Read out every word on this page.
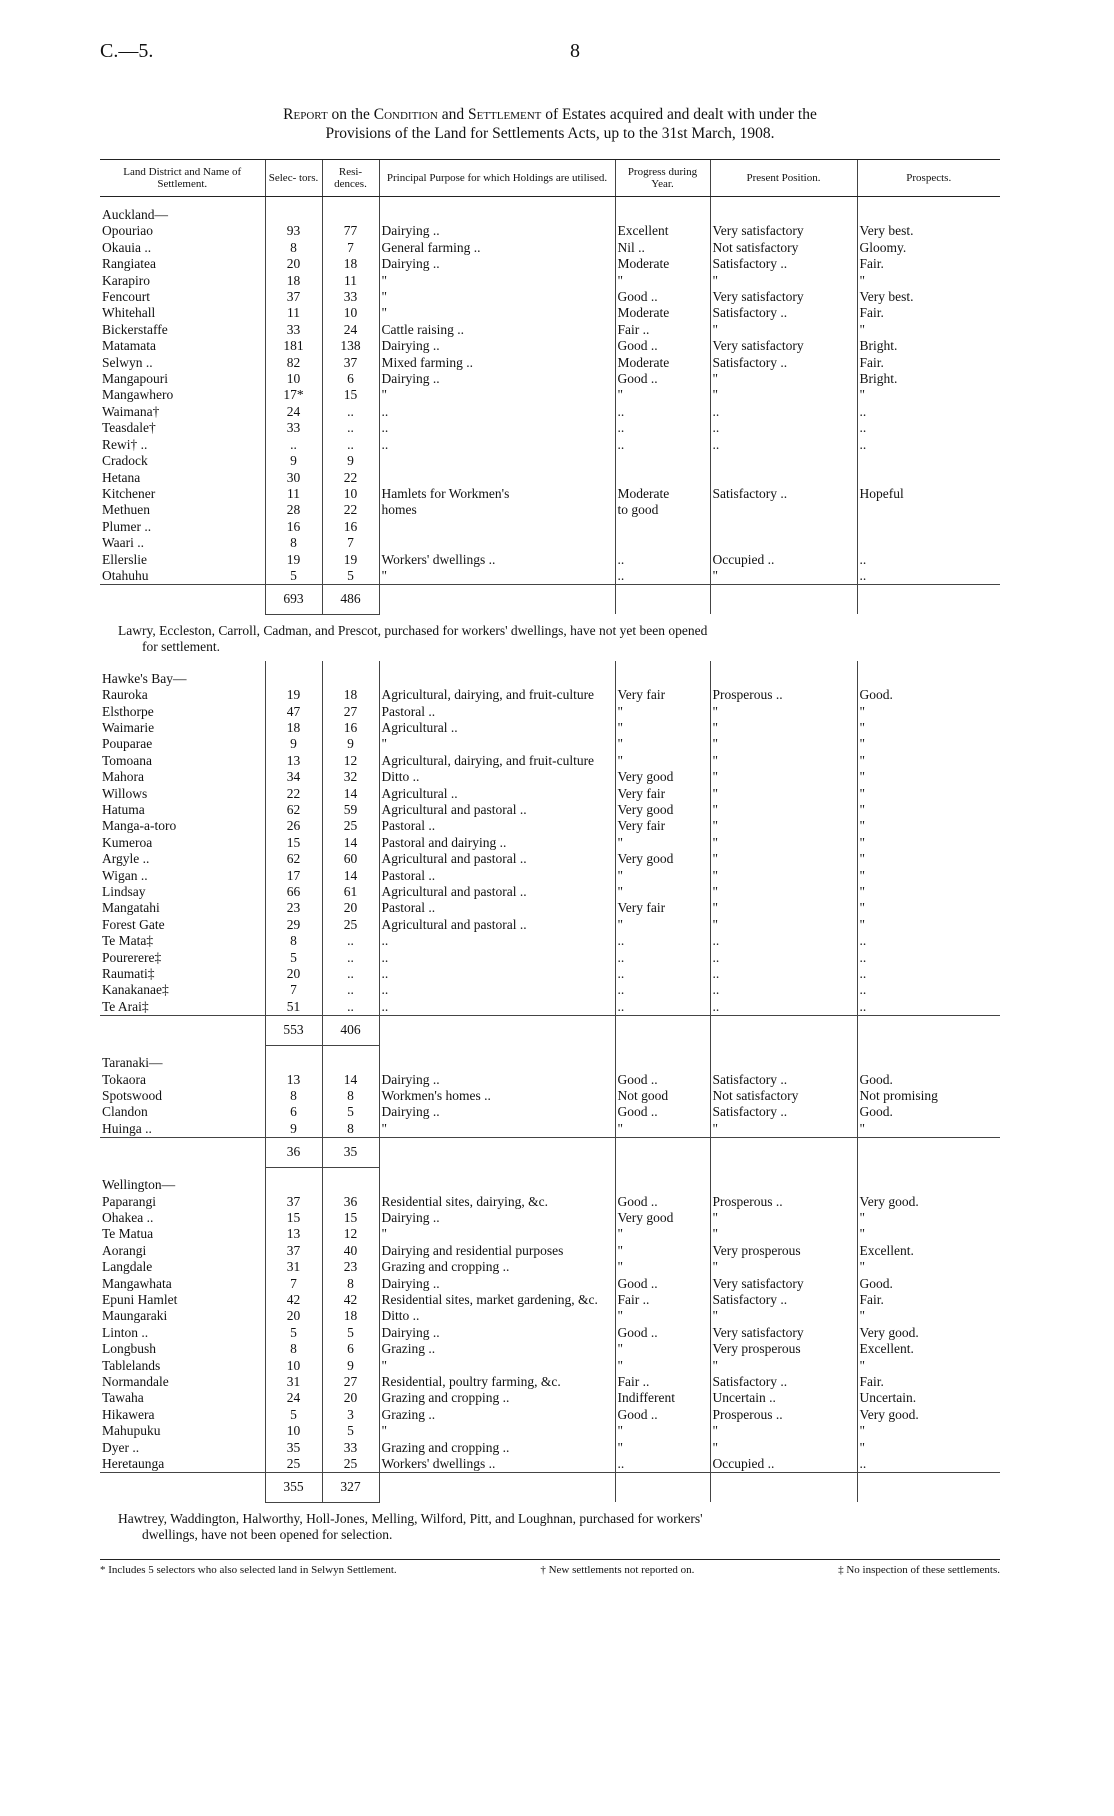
C.—5.	8
Report on the Condition and Settlement of Estates acquired and dealt with under the
Provisions of the Land for Settlements Acts, up to the 31st March, 1908.
Land District and Name of Settlement.	Selec- tors.	Resi- dences.	Principal Purpose for which Holdings are utilised.	Progress during Year.	Present Position.	Prospects.
Auckland—						
Opouriao	93	77	Dairying ..	Excellent	Very satisfactory	Very best.
Okauia ..	8	7	General farming ..	Nil ..	Not satisfactory	Gloomy.
Rangiatea	20	18	Dairying ..	Moderate	Satisfactory ..	Fair.
Karapiro	18	11	"	"	"	"
Fencourt	37	33	"	Good ..	Very satisfactory	Very best.
Whitehall	11	10	"	Moderate	Satisfactory ..	Fair.
Bickerstaffe	33	24	Cattle raising ..	Fair ..	"	"
Matamata	181	138	Dairying ..	Good ..	Very satisfactory	Bright.
Selwyn ..	82	37	Mixed farming ..	Moderate	Satisfactory ..	Fair.
Mangapouri	10	6	Dairying ..	Good ..	"	Bright.
Mangawhero	17*	15	"	"	"	"
Waimana†	24	..	..	..	..	..
Teasdale†	33	..	..	..	..	..
Rewi† ..	..	..	..	..	..	..
Cradock	9	9				
Hetana	30	22				
Kitchener	11	10	Hamlets for Workmen's	Moderate	Satisfactory ..	Hopeful
Methuen	28	22	homes	to good		
Plumer ..	16	16				
Waari ..	8	7				
Ellerslie	19	19	Workers' dwellings ..	..	Occupied ..	..
Otahuhu	5	5	"	..	"	..
	693	486				

Lawry, Eccleston, Carroll, Cadman, and Prescot, purchased for workers' dwellings, have not yet been opened
for settlement.						

Hawke's Bay—						
Rauroka	19	18	Agricultural, dairying, and fruit-culture	Very fair	Prosperous ..	Good.
Elsthorpe	47	27	Pastoral ..	"	"	"
Waimarie	18	16	Agricultural ..	"	"	"
Pouparae	9	9	"	"	"	"
Tomoana	13	12	Agricultural, dairying, and fruit-culture	"	"	"
Mahora	34	32	Ditto ..	Very good	"	"
Willows	22	14	Agricultural ..	Very fair	"	"
Hatuma	62	59	Agricultural and pastoral ..	Very good	"	"
Manga-a-toro	26	25	Pastoral ..	Very fair	"	"
Kumeroa	15	14	Pastoral and dairying ..	"	"	"
Argyle ..	62	60	Agricultural and pastoral ..	Very good	"	"
Wigan ..	17	14	Pastoral ..	"	"	"
Lindsay	66	61	Agricultural and pastoral ..	"	"	"
Mangatahi	23	20	Pastoral ..	Very fair	"	"
Forest Gate	29	25	Agricultural and pastoral ..	"	"	"
Te Mata‡	8	..	..	..	..	..
Pourerere‡	5	..	..	..	..	..
Raumati‡	20	..	..	..	..	..
Kanakanae‡	7	..	..	..	..	..
Te Arai‡	51	..	..	..	..	..
	553	406				
Taranaki—						
Tokaora	13	14	Dairying ..	Good ..	Satisfactory ..	Good.
Spotswood	8	8	Workmen's homes ..	Not good	Not satisfactory	Not promising
Clandon	6	5	Dairying ..	Good ..	Satisfactory ..	Good.
Huinga ..	9	8	"	"	"	"
	36	35				
Wellington—						
Paparangi	37	36	Residential sites, dairying, &c.	Good ..	Prosperous ..	Very good.
Ohakea ..	15	15	Dairying ..	Very good	"	"
Te Matua	13	12	"	"	"	"
Aorangi	37	40	Dairying and residential purposes	"	Very prosperous	Excellent.
Langdale	31	23	Grazing and cropping ..	"	"	"
Mangawhata	7	8	Dairying ..	Good ..	Very satisfactory	Good.
Epuni Hamlet	42	42	Residential sites, market gardening, &c.	Fair ..	Satisfactory ..	Fair.
Maungaraki	20	18	Ditto ..	"	"	"
Linton ..	5	5	Dairying ..	Good ..	Very satisfactory	Very good.
Longbush	8	6	Grazing ..	"	Very prosperous	Excellent.
Tablelands	10	9	"	"	"	"
Normandale	31	27	Residential, poultry farming, &c.	Fair ..	Satisfactory ..	Fair.
Tawaha	24	20	Grazing and cropping ..	Indifferent	Uncertain ..	Uncertain.
Hikawera	5	3	Grazing ..	Good ..	Prosperous ..	Very good.
Mahupuku	10	5	"	"	"	"
Dyer ..	35	33	Grazing and cropping ..	"	"	"
Heretaunga	25	25	Workers' dwellings ..	..	Occupied ..	..
	355	327				

Hawtrey, Waddington, Halworthy, Holl-Jones, Melling, Wilford, Pitt, and Loughnan, purchased for workers'
dwellings, have not been opened for selection.						
* Includes 5 selectors who also selected land in Selwyn Settlement.	† New settlements not reported on.	‡ No inspection of these settlements.
